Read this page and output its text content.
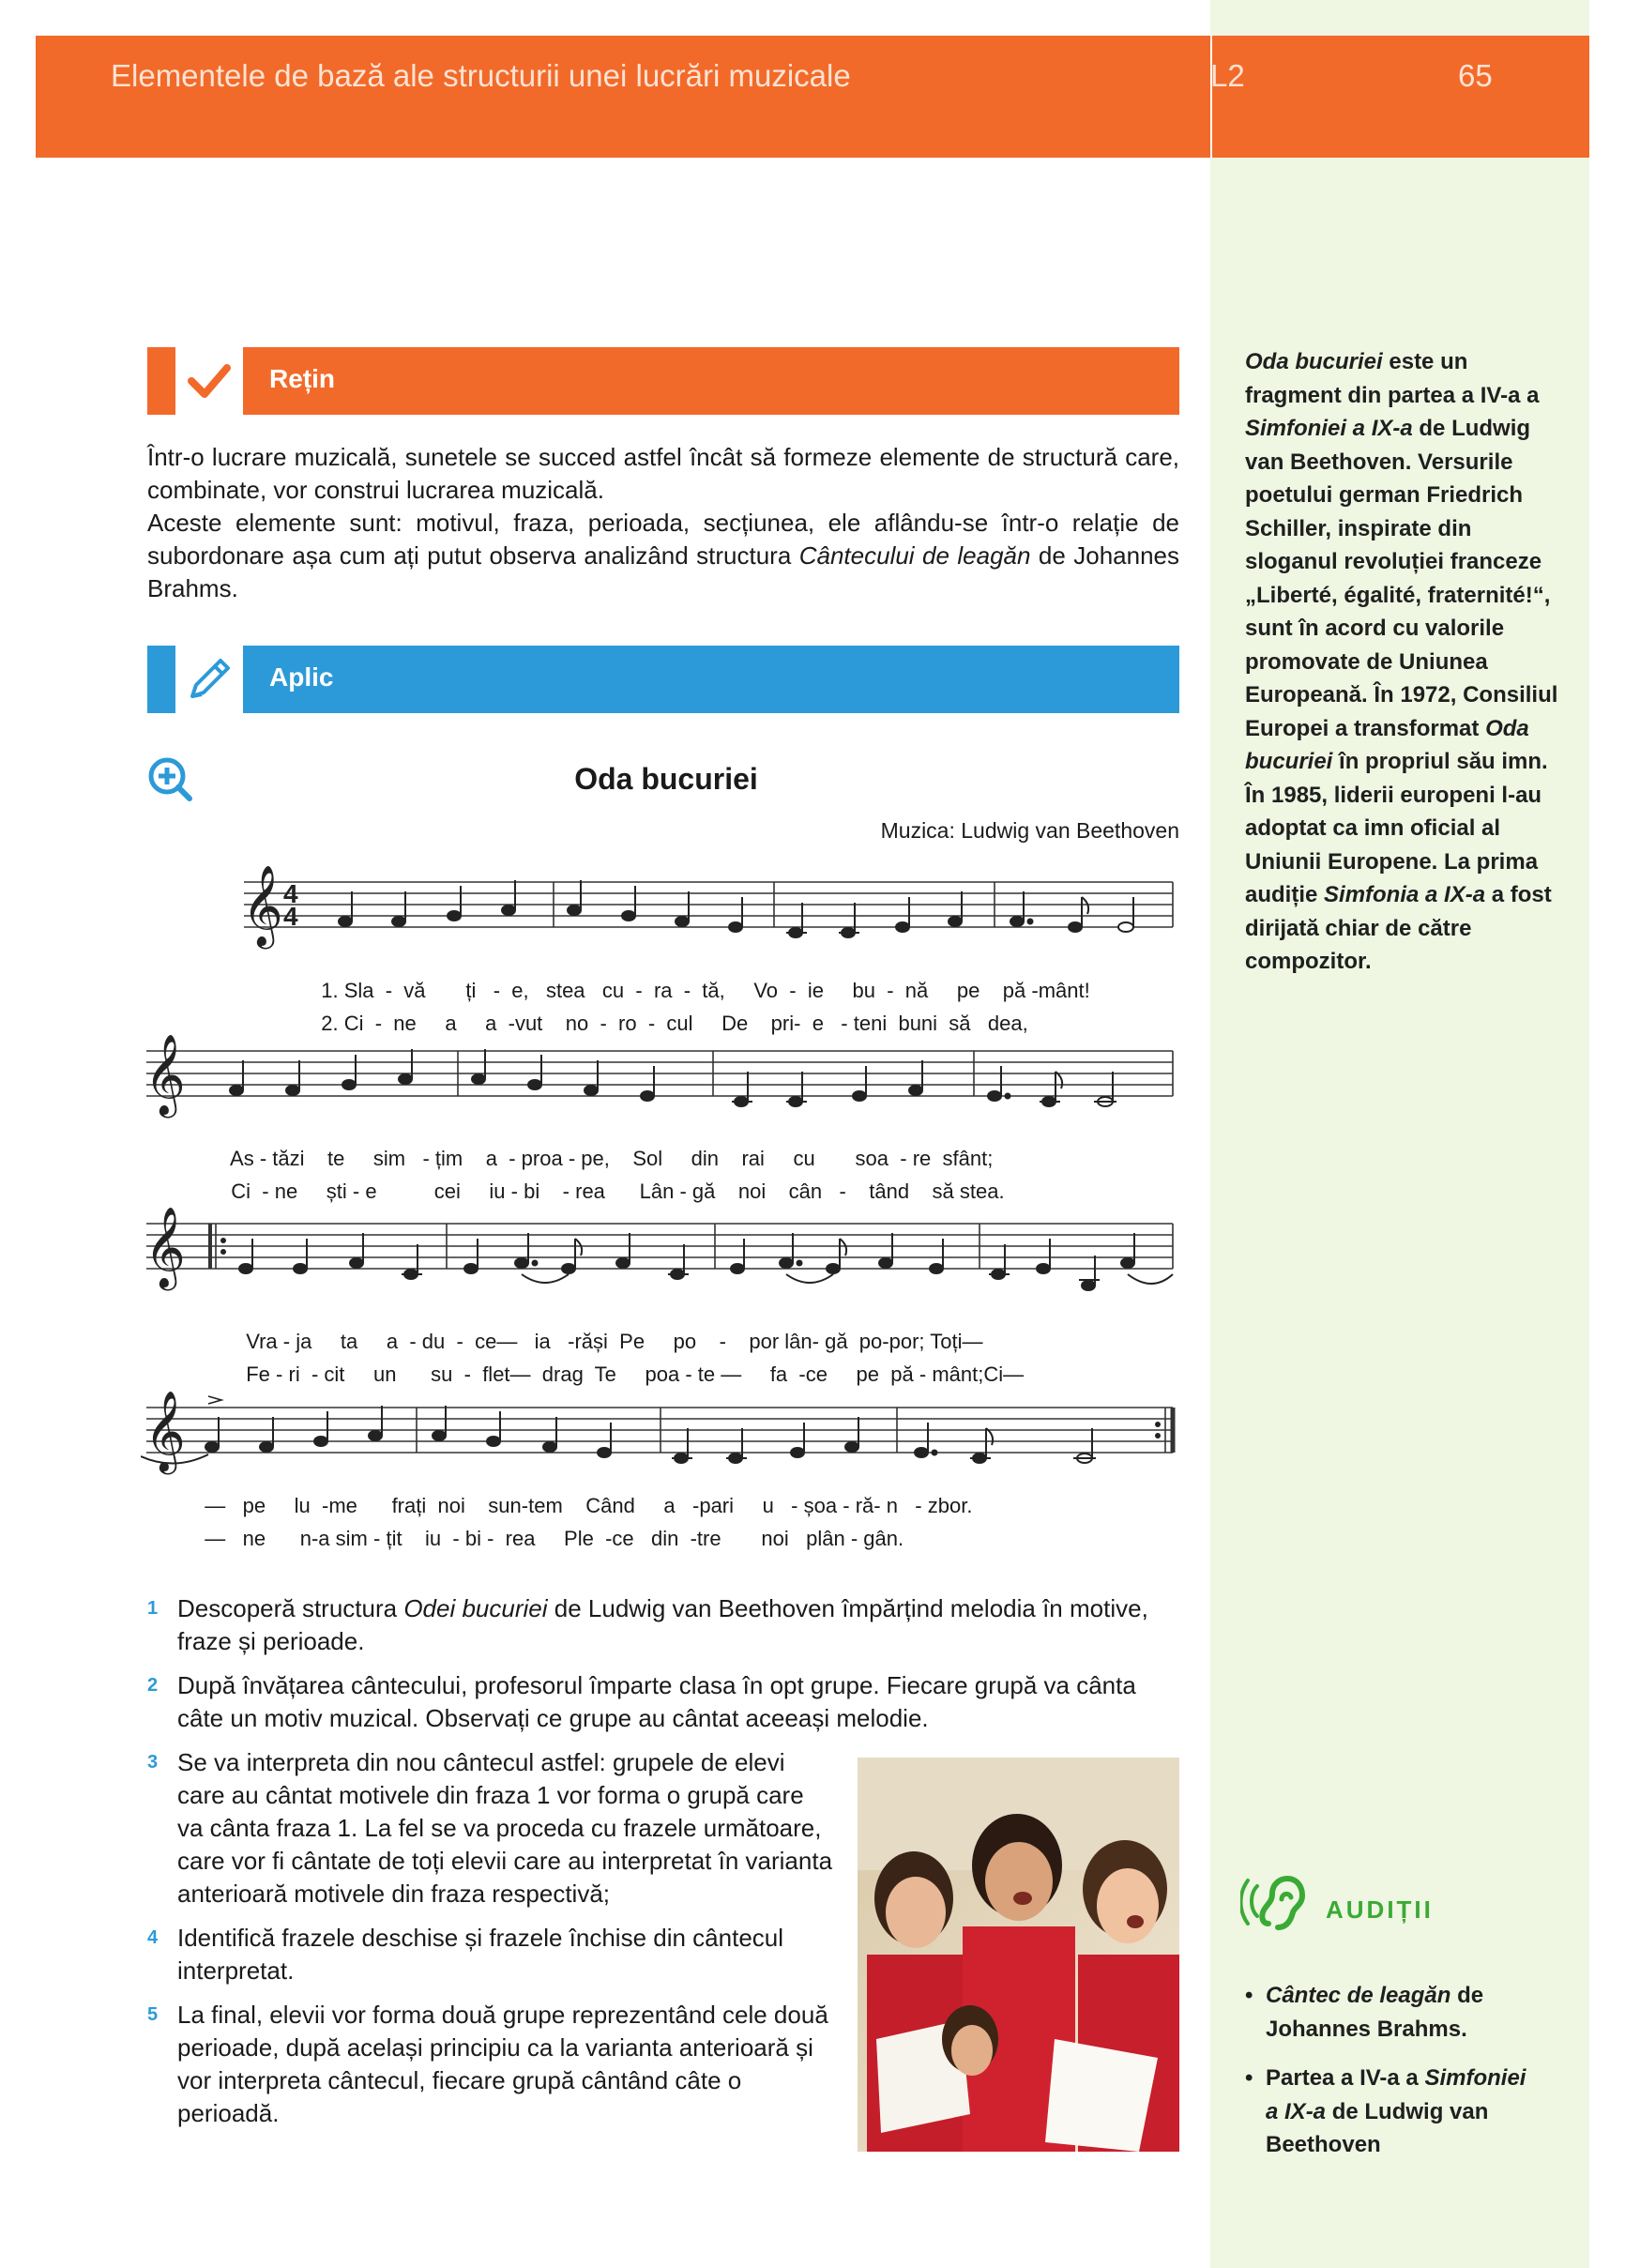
Elementele de bază ale structurii unei lucrări muzicale	L2	65
Rețin
Într-o lucrare muzicală, sunetele se succed astfel încât să formeze elemente de structură care, combinate, vor construi lucrarea muzicală.
Aceste elemente sunt: motivul, fraza, perioada, secțiunea, ele aflându-se într-o relație de subordonare așa cum ați putut observa analizând structura Cântecului de leagăn de Johannes Brahms.
Aplic
Oda bucuriei
Muzica: Ludwig van Beethoven
𝄞 4
4

1. Sla - vă ți - e, stea cu - ra - tă, Vo - ie bu - nă pe pă -mânt!

2. Ci - ne a a -vut no - ro - cul De pri- e - teni buni să dea,
𝄞

As - tăzi te sim - țim a - proa - pe, Sol din rai cu soa - re sfânt;

Ci - ne ști - e	cei iu - bi - rea Lân - gă noi cân - tând să stea.
𝄞

Vra - ja ta a - du - ce— ia -răși Pe po - por lân- gă po-por; Toți—

Fe - ri - cit un su - flet— drag Te poa - te — fa -ce pe pă - mânt;Ci—
𝄞

— pe lu -me frați noi sun-tem Când a -pari u - șoa - ră- n - zbor.

— ne n-a sim - țit iu - bi - rea Ple -ce din -tre noi plân - gân.
1 Descoperă structura Odei bucuriei de Ludwig van Beethoven împărțind melodia în motive, fraze și perioade.
2 După învățarea cântecului, profesorul împarte clasa în opt grupe. Fiecare grupă va cânta câte un motiv muzical. Observați ce grupe au cântat aceeași melodie.
3 Se va interpreta din nou cântecul astfel: grupele de elevi care au cântat motivele din fraza 1 vor forma o grupă care va cânta fraza 1. La fel se va proceda cu frazele următoare, care vor fi cântate de toți elevii care au interpretat în varianta anterioară motivele din fraza respectivă;
4 Identifică frazele deschise și frazele închise din cântecul interpretat.
5 La final, elevii vor forma două grupe reprezentând cele două perioade, după același principiu ca la varianta anterioară și vor interpreta cântecul, fiecare grupă cântând câte o perioadă.
Oda bucuriei este un fragment din partea a IV-a a Simfoniei a IX-a de Ludwig van Beethoven. Versurile poetului german Friedrich Schiller, inspirate din sloganul revoluției franceze „Liberté, égalité, fraternité!“, sunt în acord cu valorile promovate de Uniunea Europeană. În 1972, Consiliul Europei a transformat Oda bucuriei în propriul său imn. În 1985, liderii europeni l-au adoptat ca imn oficial al Uniunii Europene. La prima audiție Simfonia a IX-a a fost dirijată chiar de către compozitor.
AUDIȚII
• Cântec de leagăn de Johannes Brahms.
• Partea a IV-a a Simfoniei a IX-a de Ludwig van Beethoven
